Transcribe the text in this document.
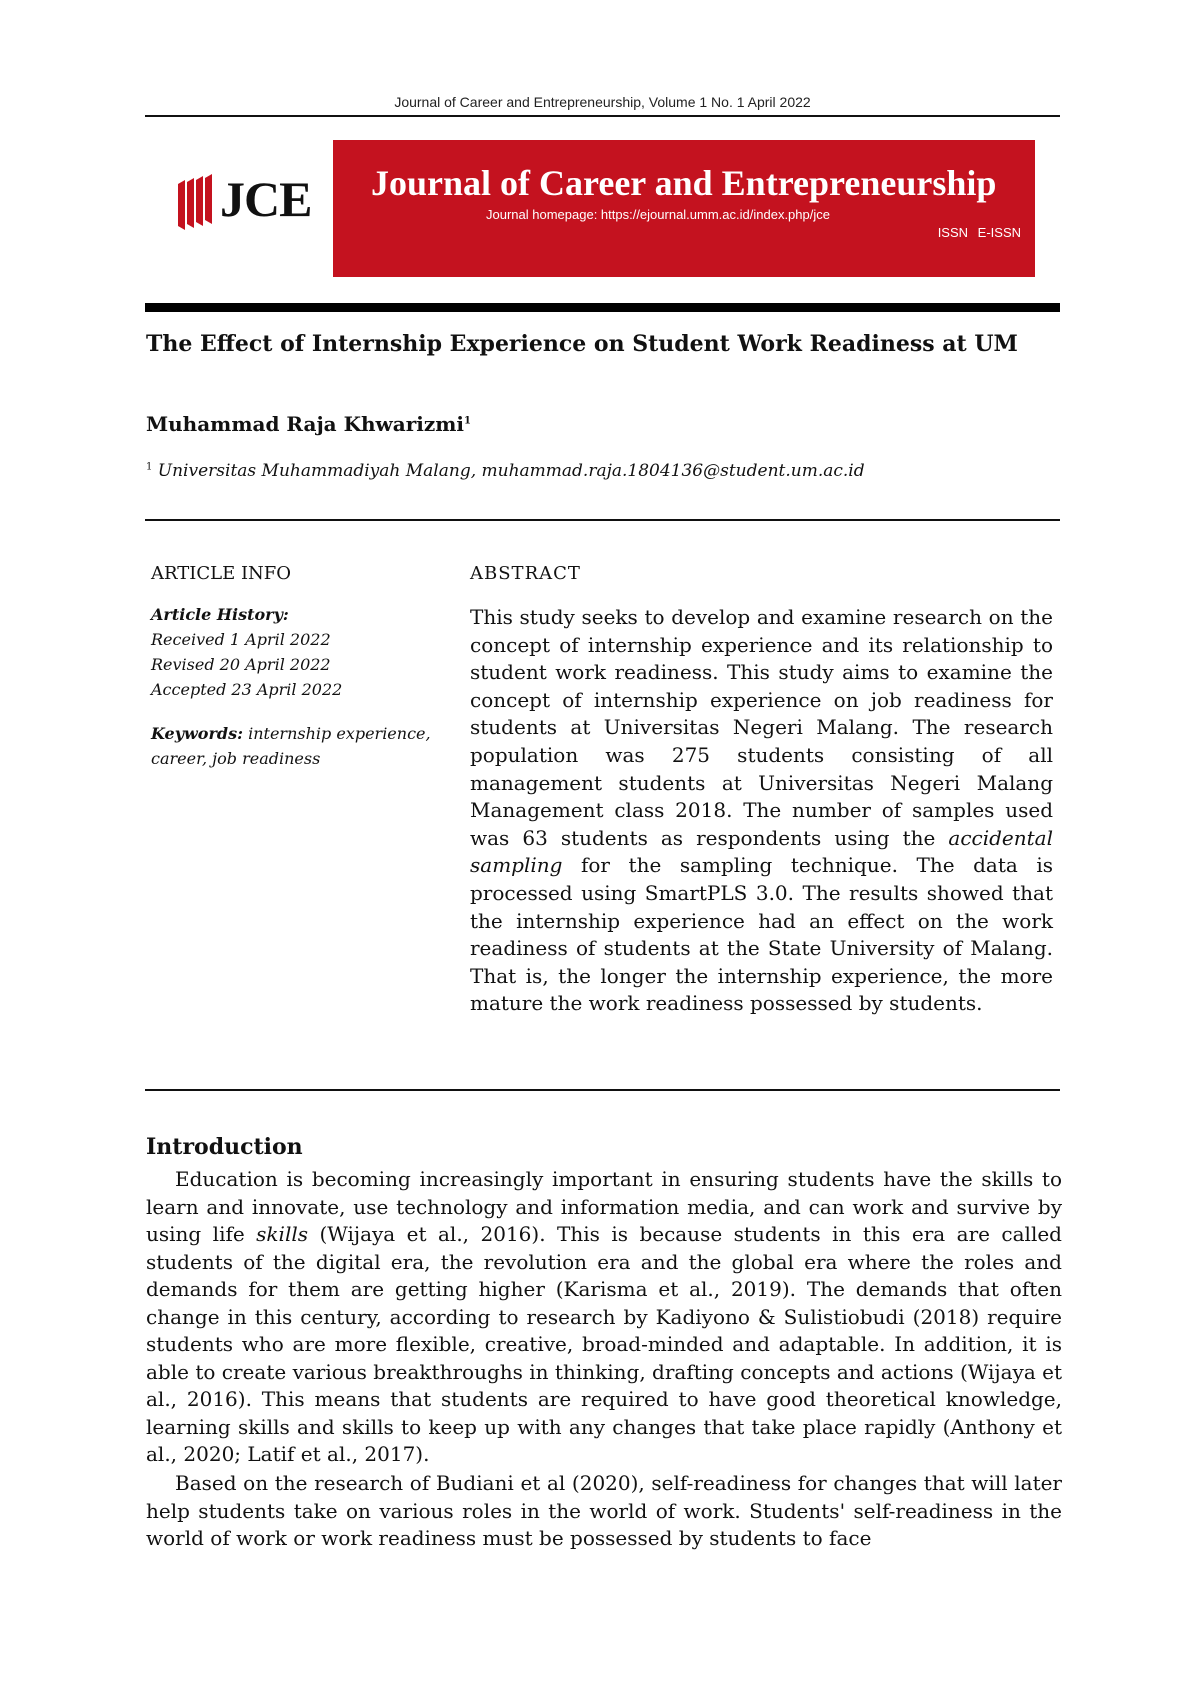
Journal of Career and Entrepreneurship, Volume 1 No. 1 April 2022
JCE Journal of Career and Entrepreneurship
Journal homepage: https://ejournal.umm.ac.id/index.php/jce
ISSN E-ISSN
The Effect of Internship Experience on Student Work Readiness at UM

Muhammad Raja Khwarizmi$^1$

$^1$ Universitas Muhammadiyah Malang, muhammad.raja.1804136@student.um.ac.id

ARTICLE INFO

Article History:
Received 1 April 2022
Revised 20 April 2022
Accepted 23 April 2022
Keywords: internship experience, career, job readiness

ABSTRACT

This study seeks to develop and examine research on the concept of internship experience and its relationship to student work readiness. This study aims to examine the concept of internship experience on job readiness for students at Universitas Negeri Malang. The research population was 275 students consisting of all management students at Universitas Negeri Malang Management class 2018. The number of samples used was 63 students as respondents using the accidental sampling for the sampling technique. The data is processed using SmartPLS 3.0. The results showed that the internship experience had an effect on the work readiness of students at the State University of Malang. That is, the longer the internship experience, the more mature the work readiness possessed by students.

Introduction

Education is becoming increasingly important in ensuring students have the skills to learn and innovate, use technology and information media, and can work and survive by using life skills (Wijaya et al., 2016). This is because students in this era are called students of the digital era, the revolution era and the global era where the roles and demands for them are getting higher (Karisma et al., 2019). The demands that often change in this century, according to research by Kadiyono & Sulistiobudi (2018) require students who are more flexible, creative, broad-minded and adaptable. In addition, it is able to create various breakthroughs in thinking, drafting concepts and actions (Wijaya et al., 2016). This means that students are required to have good theoretical knowledge, learning skills and skills to keep up with any changes that take place rapidly (Anthony et al., 2020; Latif et al., 2017).

Based on the research of Budiani et al (2020), self-readiness for changes that will later help students take on various roles in the world of work. Students' self-readiness in the world of work or work readiness must be possessed by students to face
